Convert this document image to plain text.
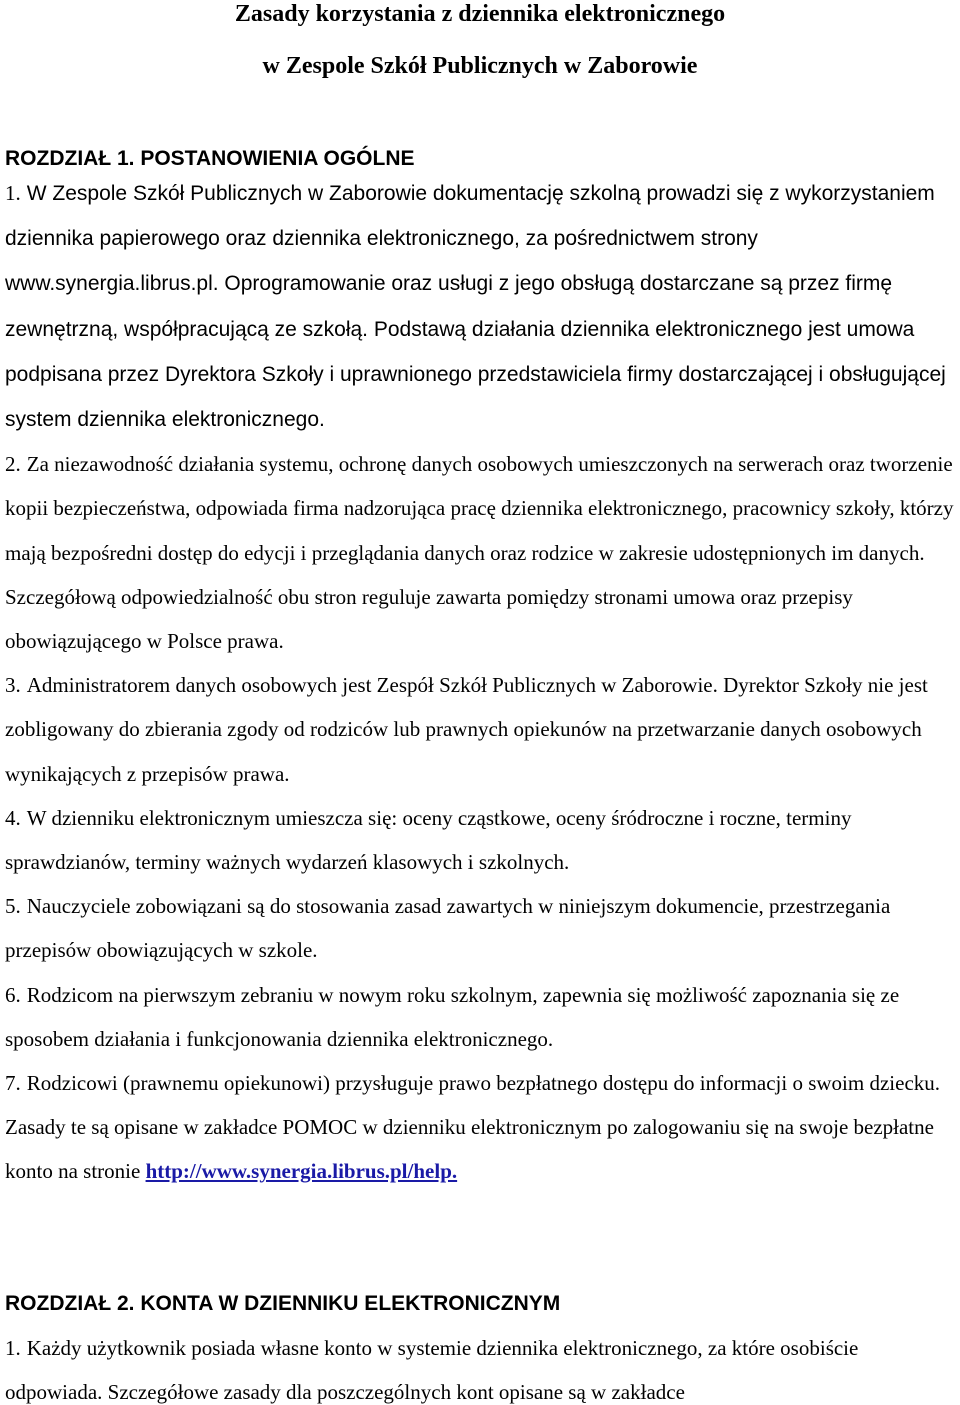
Zasady korzystania z dziennika elektronicznego
w Zespole Szkół Publicznych w Zaborowie
ROZDZIAŁ 1. POSTANOWIENIA OGÓLNE

1. W Zespole Szkół Publicznych w Zaborowie dokumentację szkolną prowadzi się z wykorzystaniem dziennika papierowego oraz dziennika elektronicznego, za pośrednictwem strony www.synergia.librus.pl. Oprogramowanie oraz usługi z jego obsługą dostarczane są przez firmę zewnętrzną, współpracującą ze szkołą. Podstawą działania dziennika elektronicznego jest umowa podpisana przez Dyrektora Szkoły i uprawnionego przedstawiciela firmy dostarczającej i obsługującej system dziennika elektronicznego.

2. Za niezawodność działania systemu, ochronę danych osobowych umieszczonych na serwerach oraz tworzenie kopii bezpieczeństwa, odpowiada firma nadzorująca pracę dziennika elektronicznego, pracownicy szkoły, którzy mają bezpośredni dostęp do edycji i przeglądania danych oraz rodzice w zakresie udostępnionych im danych. Szczegółową odpowiedzialność obu stron reguluje zawarta pomiędzy stronami umowa oraz przepisy obowiązującego w Polsce prawa.

3. Administratorem danych osobowych jest Zespół Szkół Publicznych w Zaborowie. Dyrektor Szkoły nie jest zobligowany do zbierania zgody od rodziców lub prawnych opiekunów na przetwarzanie danych osobowych wynikających z przepisów prawa.

4. W dzienniku elektronicznym umieszcza się: oceny cząstkowe, oceny śródroczne i roczne, terminy sprawdzianów, terminy ważnych wydarzeń klasowych i szkolnych.

5. Nauczyciele zobowiązani są do stosowania zasad zawartych w niniejszym dokumencie, przestrzegania przepisów obowiązujących w szkole.

6. Rodzicom na pierwszym zebraniu w nowym roku szkolnym, zapewnia się możliwość zapoznania się ze sposobem działania i funkcjonowania dziennika elektronicznego.

7. Rodzicowi (prawnemu opiekunowi) przysługuje prawo bezpłatnego dostępu do informacji o swoim dziecku. Zasady te są opisane w zakładce POMOC w dzienniku elektronicznym po zalogowaniu się na swoje bezpłatne konto na stronie http://www.synergia.librus.pl/help.

ROZDZIAŁ 2. KONTA W DZIENNIKU ELEKTRONICZNYM

1. Każdy użytkownik posiada własne konto w systemie dziennika elektronicznego, za które osobiście odpowiada. Szczegółowe zasady dla poszczególnych kont opisane są w zakładce
